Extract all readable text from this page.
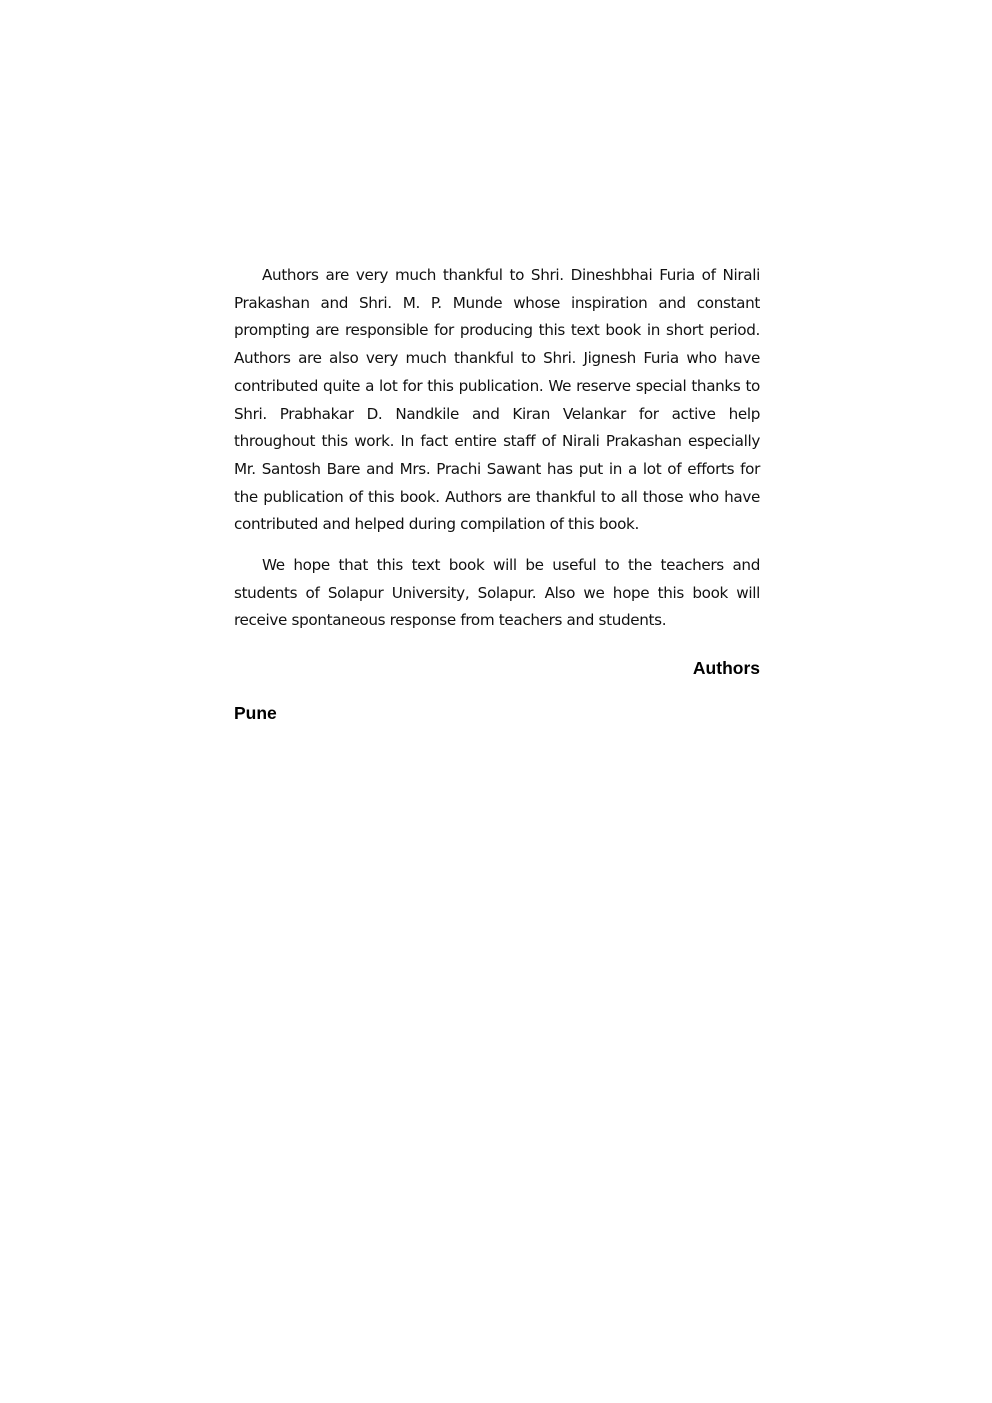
Authors are very much thankful to Shri. Dineshbhai Furia of Nirali Prakashan and Shri. M. P. Munde whose inspiration and constant prompting are responsible for producing this text book in short period. Authors are also very much thankful to Shri. Jignesh Furia who have contributed quite a lot for this publication. We reserve special thanks to Shri. Prabhakar D. Nandkile and Kiran Velankar for active help throughout this work. In fact entire staff of Nirali Prakashan especially Mr. Santosh Bare and Mrs. Prachi Sawant has put in a lot of efforts for the publication of this book. Authors are thankful to all those who have contributed and helped during compilation of this book.

We hope that this text book will be useful to the teachers and students of Solapur University, Solapur. Also we hope this book will receive spontaneous response from teachers and students.

Authors
Pune
